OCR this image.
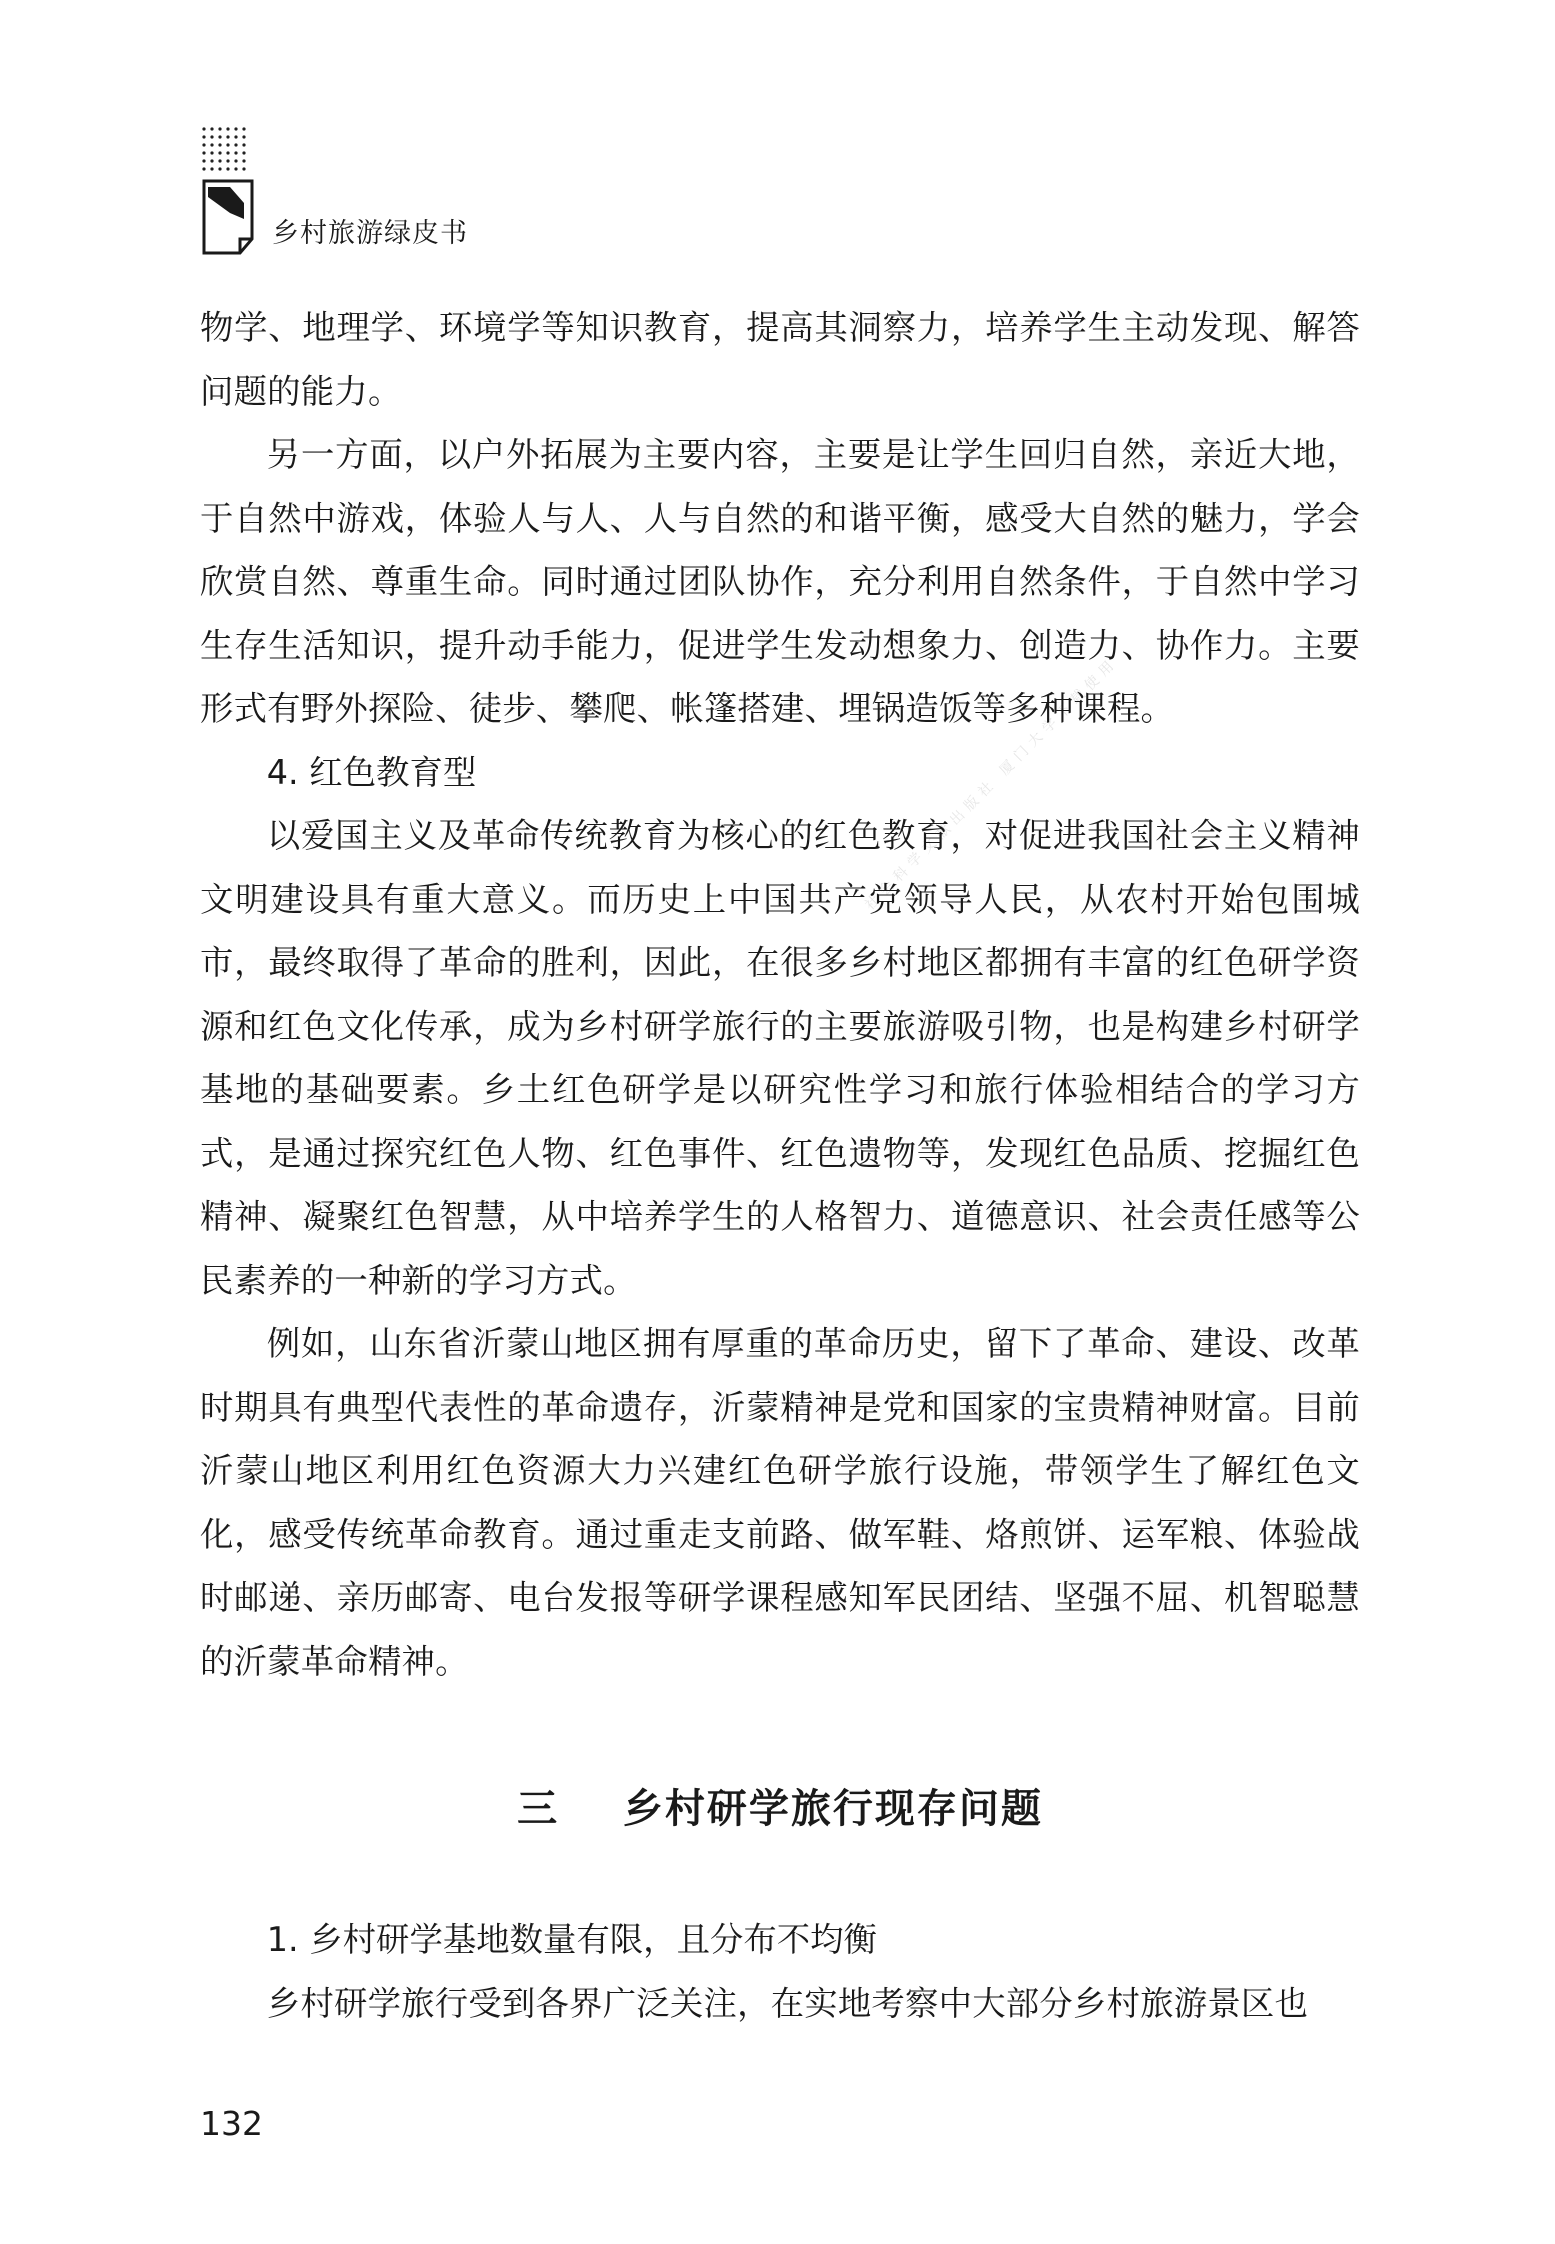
乡村旅游绿皮书
社会科学文献出版社 厦门大学下载使用

物学、地理学、环境学等知识教育，提高其洞察力，培养学生主动发现、解答问题的能力。

另一方面，以户外拓展为主要内容，主要是让学生回归自然，亲近大地，于自然中游戏，体验人与人、人与自然的和谐平衡，感受大自然的魅力，学会欣赏自然、尊重生命。同时通过团队协作，充分利用自然条件，于自然中学习生存生活知识，提升动手能力，促进学生发动想象力、创造力、协作力。主要形式有野外探险、徒步、攀爬、帐篷搭建、埋锅造饭等多种课程。

4. 红色教育型

以爱国主义及革命传统教育为核心的红色教育，对促进我国社会主义精神文明建设具有重大意义。而历史上中国共产党领导人民，从农村开始包围城市，最终取得了革命的胜利，因此，在很多乡村地区都拥有丰富的红色研学资源和红色文化传承，成为乡村研学旅行的主要旅游吸引物，也是构建乡村研学基地的基础要素。乡土红色研学是以研究性学习和旅行体验相结合的学习方式，是通过探究红色人物、红色事件、红色遗物等，发现红色品质、挖掘红色精神、凝聚红色智慧，从中培养学生的人格智力、道德意识、社会责任感等公民素养的一种新的学习方式。

例如，山东省沂蒙山地区拥有厚重的革命历史，留下了革命、建设、改革时期具有典型代表性的革命遗存，沂蒙精神是党和国家的宝贵精神财富。目前沂蒙山地区利用红色资源大力兴建红色研学旅行设施，带领学生了解红色文化，感受传统革命教育。通过重走支前路、做军鞋、烙煎饼、运军粮、体验战时邮递、亲历邮寄、电台发报等研学课程感知军民团结、坚强不屈、机智聪慧的沂蒙革命精神。

三    乡村研学旅行现存问题
1. 乡村研学基地数量有限，且分布不均衡

乡村研学旅行受到各界广泛关注，在实地考察中大部分乡村旅游景区也

132
